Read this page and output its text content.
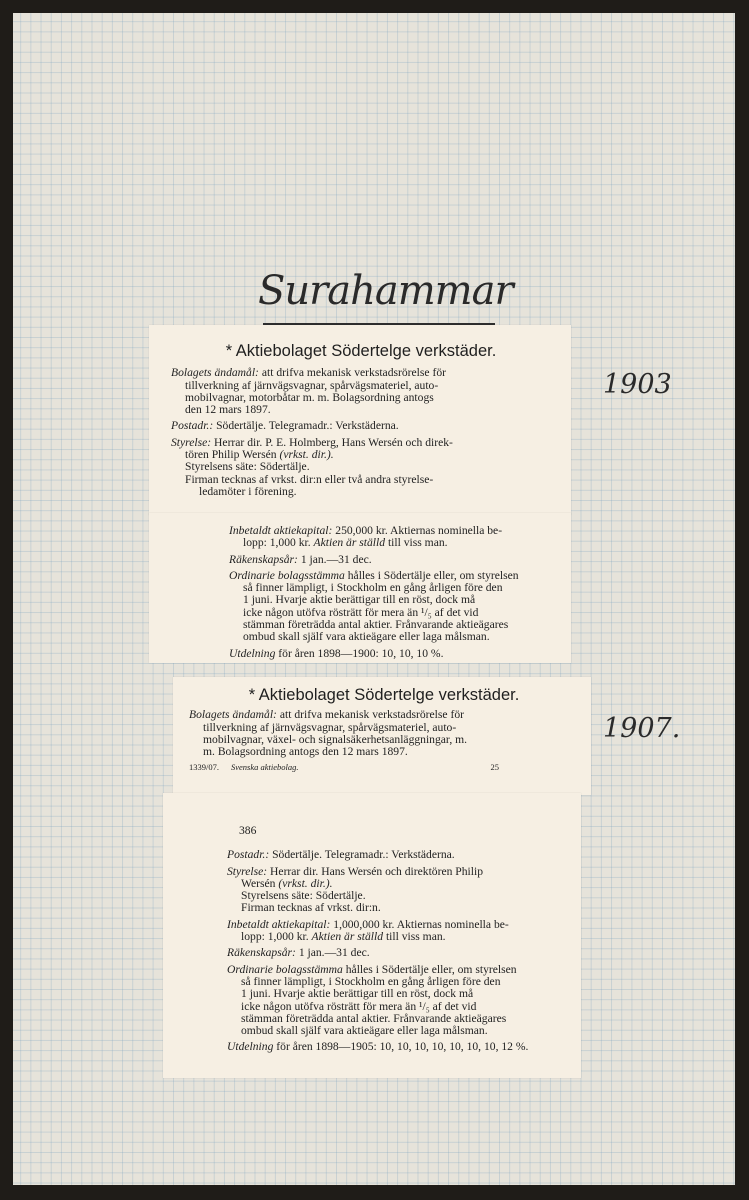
Surahammar
1903
1907.
* Aktiebolaget Södertelge verkstäder.
Bolagets ändamål: att drifva mekanisk verkstadsrörelse för
tillverkning af järnvägsvagnar, spårvägsmateriel, auto-
mobilvagnar, motorbåtar m. m. Bolagsordning antogs
den 12 mars 1897.
Postadr.: Södertälje. Telegramadr.: Verkstäderna.
Styrelse: Herrar dir. P. E. Holmberg, Hans Wersén och direk-
tören Philip Wersén (vrkst. dir.).
Styrelsens säte: Södertälje.
Firman tecknas af vrkst. dir:n eller två andra styrelse-
ledamöter i förening.
Inbetaldt aktiekapital: 250,000 kr. Aktiernas nominella be-
lopp: 1,000 kr. Aktien är ställd till viss man.
Räkenskapsår: 1 jan.—31 dec.
Ordinarie bolagsstämma hålles i Södertälje eller, om styrelsen
så finner lämpligt, i Stockholm en gång årligen före den
1 juni. Hvarje aktie berättigar till en röst, dock må
icke någon utöfva rösträtt för mera än ¹/₅ af det vid
stämman företrädda antal aktier. Frånvarande aktieägares
ombud skall själf vara aktieägare eller laga målsman.
Utdelning för åren 1898—1900: 10, 10, 10 %.
* Aktiebolaget Södertelge verkstäder.
Bolagets ändamål: att drifva mekanisk verkstadsrörelse för
tillverkning af järnvägsvagnar, spårvägsmateriel, auto-
mobilvagnar, växel- och signalsäkerhetsanläggningar, m.
m. Bolagsordning antogs den 12 mars 1897.
1339/07. Svenska aktiebolag.	25
386
Postadr.: Södertälje. Telegramadr.: Verkstäderna.
Styrelse: Herrar dir. Hans Wersén och direktören Philip
Wersén (vrkst. dir.).
Styrelsens säte: Södertälje.
Firman tecknas af vrkst. dir:n.
Inbetaldt aktiekapital: 1,000,000 kr. Aktiernas nominella be-
lopp: 1,000 kr. Aktien är ställd till viss man.
Räkenskapsår: 1 jan.—31 dec.
Ordinarie bolagsstämma hålles i Södertälje eller, om styrelsen
så finner lämpligt, i Stockholm en gång årligen före den
1 juni. Hvarje aktie berättigar till en röst, dock må
icke någon utöfva rösträtt för mera än ¹/₅ af det vid
stämman företrädda antal aktier. Frånvarande aktieägares
ombud skall själf vara aktieägare eller laga målsman.
Utdelning för åren 1898—1905: 10, 10, 10, 10, 10, 10, 10, 12 %.
